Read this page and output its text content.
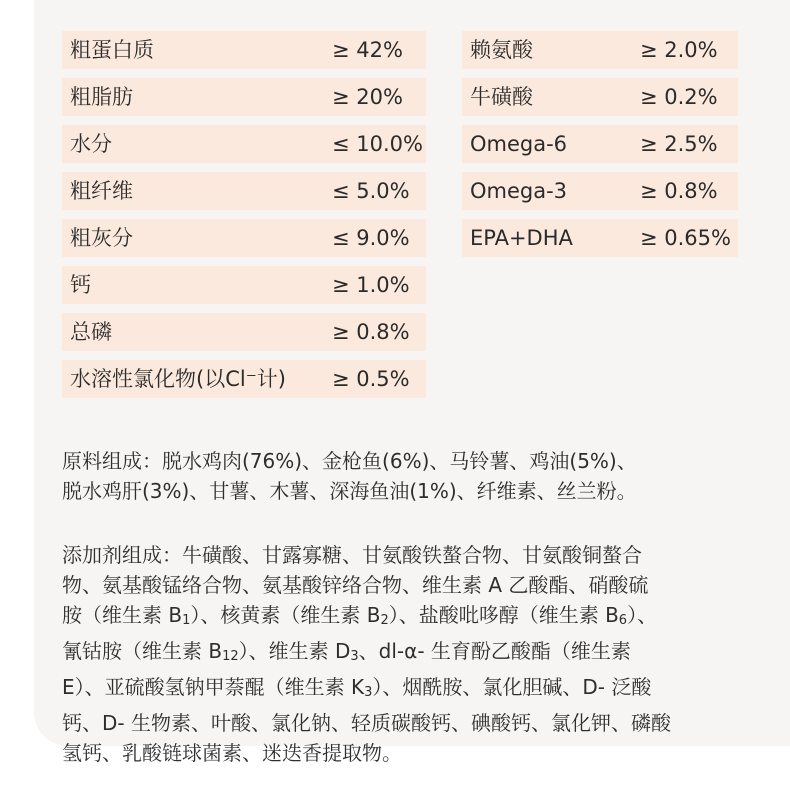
粗蛋白质	≥ 42%
粗脂肪	≥ 20%
水分	≤ 10.0%
粗纤维	≤ 5.0%
粗灰分	≤ 9.0%
钙	≥ 1.0%
总磷	≥ 0.8%
水溶性氯化物(以Cl⁻计) ≥ 0.5%
赖氨酸	≥ 2.0%
牛磺酸	≥ 0.2%
Omega-6	≥ 2.5%
Omega-3	≥ 0.8%
EPA+DHA	≥ 0.65%
原料组成：脱水鸡肉(76%)、金枪鱼(6%)、马铃薯、鸡油(5%)、
脱水鸡肝(3%)、甘薯、木薯、深海鱼油(1%)、纤维素、丝兰粉。
添加剂组成：牛磺酸、甘露寡糖、甘氨酸铁螯合物、甘氨酸铜螯合
物、氨基酸锰络合物、氨基酸锌络合物、维生素 A 乙酸酯、硝酸硫
胺（维生素 $B_1$）、核黄素（维生素 $B_2$）、盐酸吡哆醇（维生素 $B_6$）、
氰钴胺（维生素 $B_{12}$）、维生素 $D_3$、dl-α- 生育酚乙酸酯（维生素
E）、亚硫酸氢钠甲萘醌（维生素 $K_3$）、烟酰胺、氯化胆碱、D- 泛酸
钙、D- 生物素、叶酸、氯化钠、轻质碳酸钙、碘酸钙、氯化钾、磷酸
氢钙、乳酸链球菌素、迷迭香提取物。
